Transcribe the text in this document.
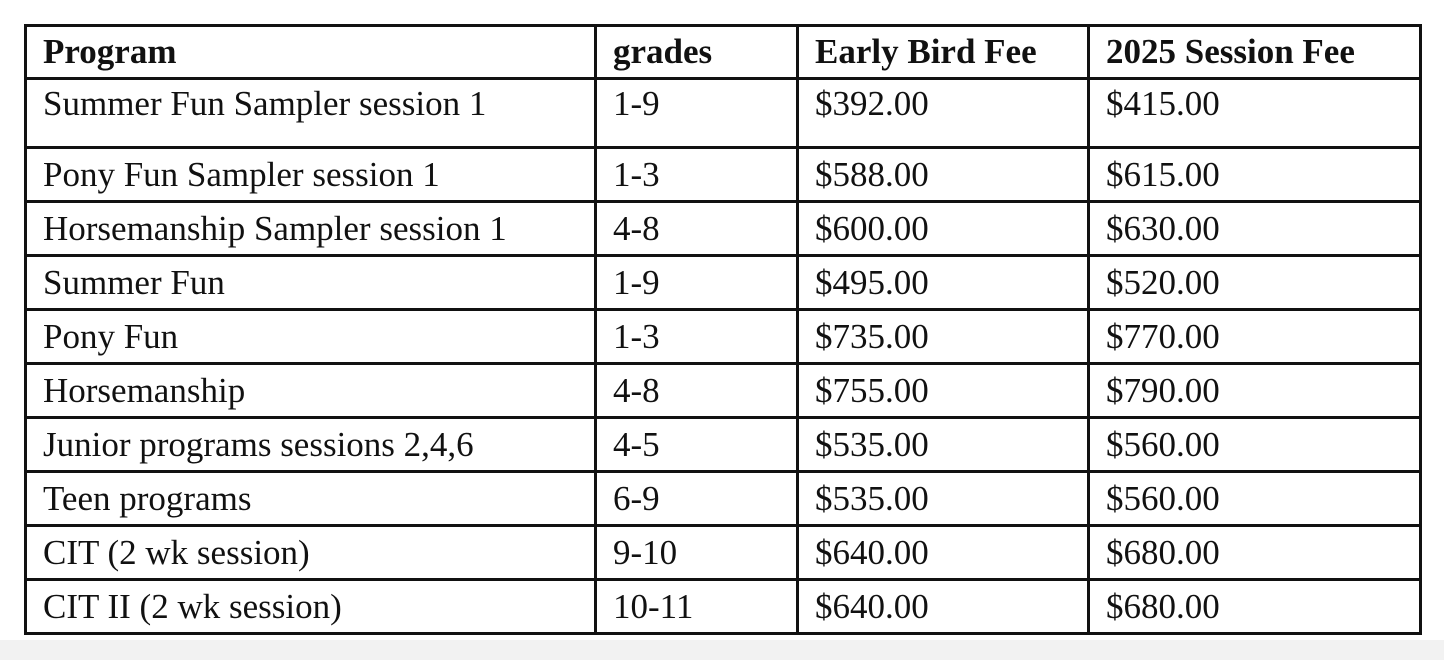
Program	grades	Early Bird Fee	2025 Session Fee
Summer Fun Sampler session 1	1-9	$392.00	$415.00
Pony Fun Sampler session 1	1-3	$588.00	$615.00
Horsemanship Sampler session 1	4-8	$600.00	$630.00
Summer Fun	1-9	$495.00	$520.00
Pony Fun	1-3	$735.00	$770.00
Horsemanship	4-8	$755.00	$790.00
Junior programs sessions 2,4,6	4-5	$535.00	$560.00
Teen programs	6-9	$535.00	$560.00
CIT (2 wk session)	9-10	$640.00	$680.00
CIT II (2 wk session)	10-11	$640.00	$680.00
